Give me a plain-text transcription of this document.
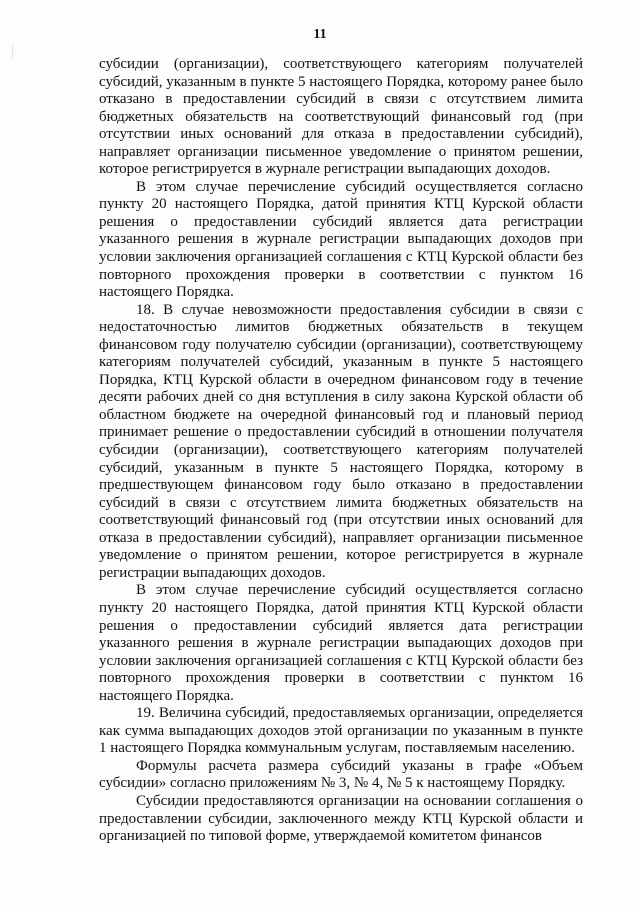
11

субсидии (организации), соответствующего категориям получателей субсидий, указанным в пункте 5 настоящего Порядка, которому ранее было отказано в предоставлении субсидий в связи с отсутствием лимита бюджетных обязательств на соответствующий финансовый год (при отсутствии иных оснований для отказа в предоставлении субсидий), направляет организации письменное уведомление о принятом решении, которое регистрируется в журнале регистрации выпадающих доходов.

В этом случае перечисление субсидий осуществляется согласно пункту 20 настоящего Порядка, датой принятия КТЦ Курской области решения о предоставлении субсидий является дата регистрации указанного решения в журнале регистрации выпадающих доходов при условии заключения организацией соглашения с КТЦ Курской области без повторного прохождения проверки в соответствии с пунктом 16 настоящего Порядка.

18. В случае невозможности предоставления субсидии в связи с недостаточностью лимитов бюджетных обязательств в текущем финансовом году получателю субсидии (организации), соответствующему категориям получателей субсидий, указанным в пункте 5 настоящего Порядка, КТЦ Курской области в очередном финансовом году в течение десяти рабочих дней со дня вступления в силу закона Курской области об областном бюджете на очередной финансовый год и плановый период принимает решение о предоставлении субсидий в отношении получателя субсидии (организации), соответствующего категориям получателей субсидий, указанным в пункте 5 настоящего Порядка, которому в предшествующем финансовом году было отказано в предоставлении субсидий в связи с отсутствием лимита бюджетных обязательств на соответствующий финансовый год (при отсутствии иных оснований для отказа в предоставлении субсидий), направляет организации письменное уведомление о принятом решении, которое регистрируется в журнале регистрации выпадающих доходов.

В этом случае перечисление субсидий осуществляется согласно пункту 20 настоящего Порядка, датой принятия КТЦ Курской области решения о предоставлении субсидий является дата регистрации указанного решения в журнале регистрации выпадающих доходов при условии заключения организацией соглашения с КТЦ Курской области без повторного прохождения проверки в соответствии с пунктом 16 настоящего Порядка.

19. Величина субсидий, предоставляемых организации, определяется как сумма выпадающих доходов этой организации по указанным в пункте 1 настоящего Порядка коммунальным услугам, поставляемым населению.

Формулы расчета размера субсидий указаны в графе «Объем субсидии» согласно приложениям № 3, № 4, № 5 к настоящему Порядку.

Субсидии предоставляются организации на основании соглашения о предоставлении субсидии, заключенного между КТЦ Курской области и организацией по типовой форме, утверждаемой комитетом финансов
